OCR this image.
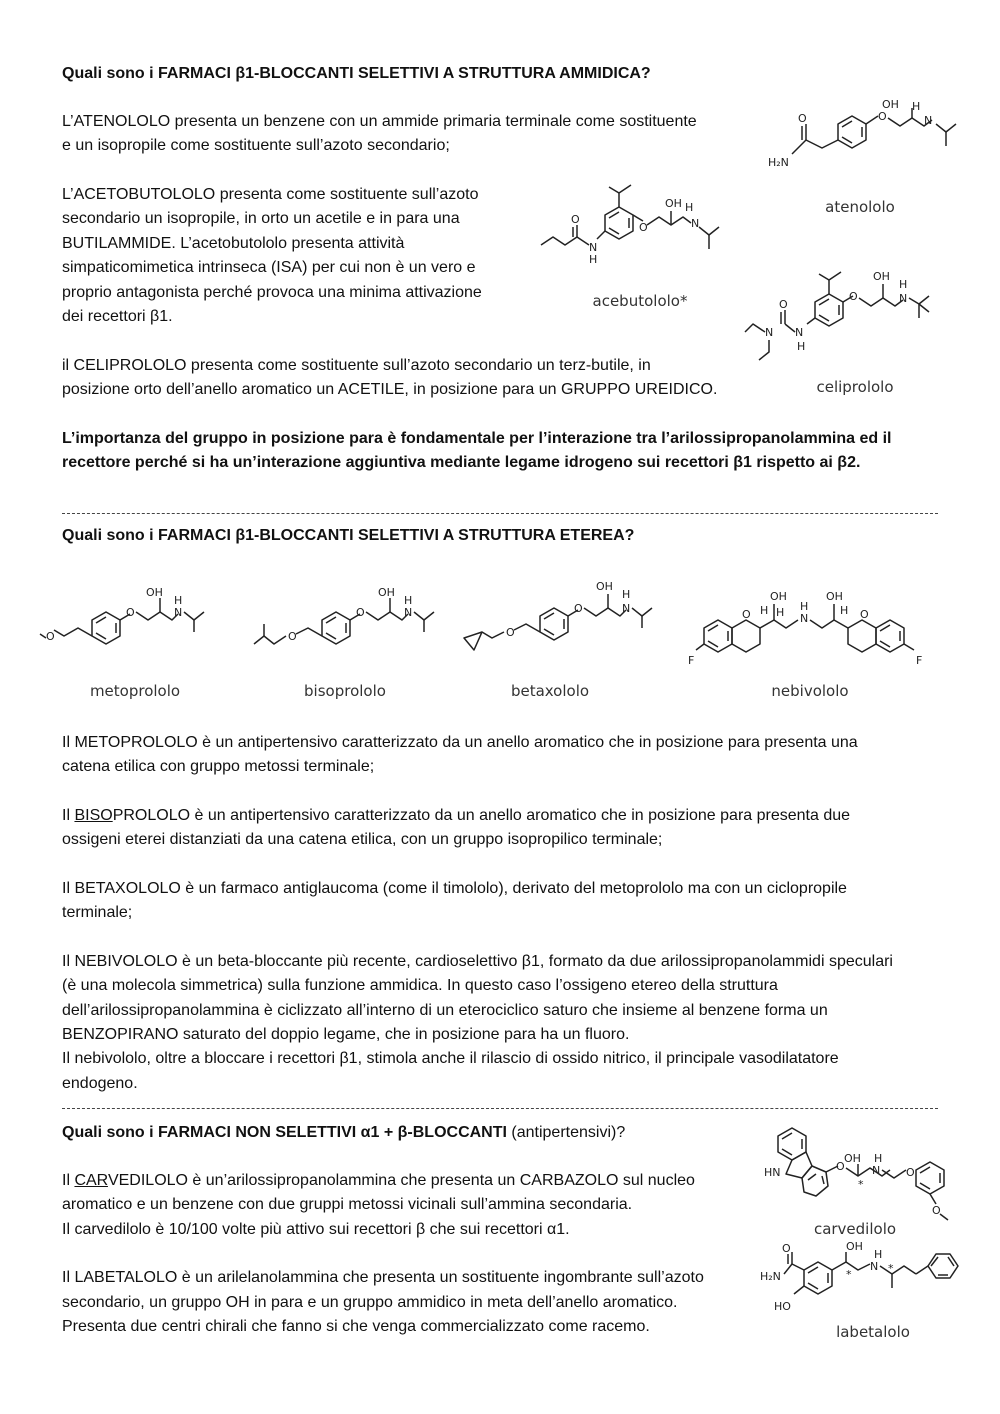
Quali sono i FARMACI β1-BLOCCANTI SELETTIVI A STRUTTURA AMMIDICA?
L’ATENOLOLO presenta un benzene con un ammide primaria terminale come sostituente
e un isopropile come sostituente sull’azoto secondario;
L’ACETOBUTOLOLO presenta come sostituente sull’azoto
secondario un isopropile, in orto un acetile e in para una
BUTILAMMIDE. L’acetobutololo presenta attività
simpaticomimetica intrinseca (ISA) per cui non è un vero e
proprio antagonista perché provoca una minima attivazione
dei recettori β1.
il CELIPROLOLO presenta come sostituente sull’azoto secondario un terz-butile, in
posizione orto dell’anello aromatico un ACETILE, in posizione para un GRUPPO UREIDICO.
L’importanza del gruppo in posizione para è fondamentale per l’interazione tra l’arilossipropanolammina ed il
recettore perché si ha un’interazione aggiuntiva mediante legame idrogeno sui recettori β1 rispetto ai β2.
O
H₂N
O
OH H
N
atenololo
O
OH H
N
N
H
O
acebutololo*	O
OH
H
N
N
H
O
N
celiprololo
Quali sono i FARMACI β1-BLOCCANTI SELETTIVI A STRUTTURA ETEREA?
O
O
OH
H
N
metoprololo
O
O
OH
H
N
bisoprololo
O
O
OH
H
N
betaxololo
F
O H
OH
H N
H
OH
H O
F
nebivololo
Il METOPROLOLO è un antipertensivo caratterizzato da un anello aromatico che in posizione para presenta una
catena etilica con gruppo metossi terminale;
Il BISOPROLOLO è un antipertensivo caratterizzato da un anello aromatico che in posizione para presenta due
ossigeni eterei distanziati da una catena etilica, con un gruppo isopropilico terminale;
Il BETAXOLOLO è un farmaco antiglaucoma (come il timololo), derivato del metoprololo ma con un ciclopropile
terminale;
Il NEBIVOLOLO è un beta-bloccante più recente, cardioselettivo β1, formato da due arilossipropanolammidi speculari
(è una molecola simmetrica) sulla funzione ammidica. In questo caso l’ossigeno etereo della struttura
dell’arilossipropanolammina è ciclizzato all’interno di un eterociclico saturo che insieme al benzene forma un
BENZOPIRANO saturato del doppio legame, che in posizione para ha un fluoro.
Il nebivololo, oltre a bloccare i recettori β1, stimola anche il rilascio di ossido nitrico, il principale vasodilatatore
endogeno.
Quali sono i FARMACI NON SELETTIVI α1 + β-BLOCCANTI (antipertensivi)?
Il CARVEDILOLO è un’arilossipropanolammina che presenta un CARBAZOLO sul nucleo
aromatico e un benzene con due gruppi metossi vicinali sull’ammina secondaria.
Il carvedilolo è 10/100 volte più attivo sui recettori β che sui recettori α1.
Il LABETALOLO è un arilelanolammina che presenta un sostituente ingombrante sull’azoto
secondario, un gruppo OH in para e un gruppo ammidico in meta dell’anello aromatico.
Presenta due centri chirali che fanno si che venga commercializzato come racemo.
HN	O
OH
*
H
N O
O
carvedilolo
O
H₂N
HO
OH
*
H
N *
labetalolo
